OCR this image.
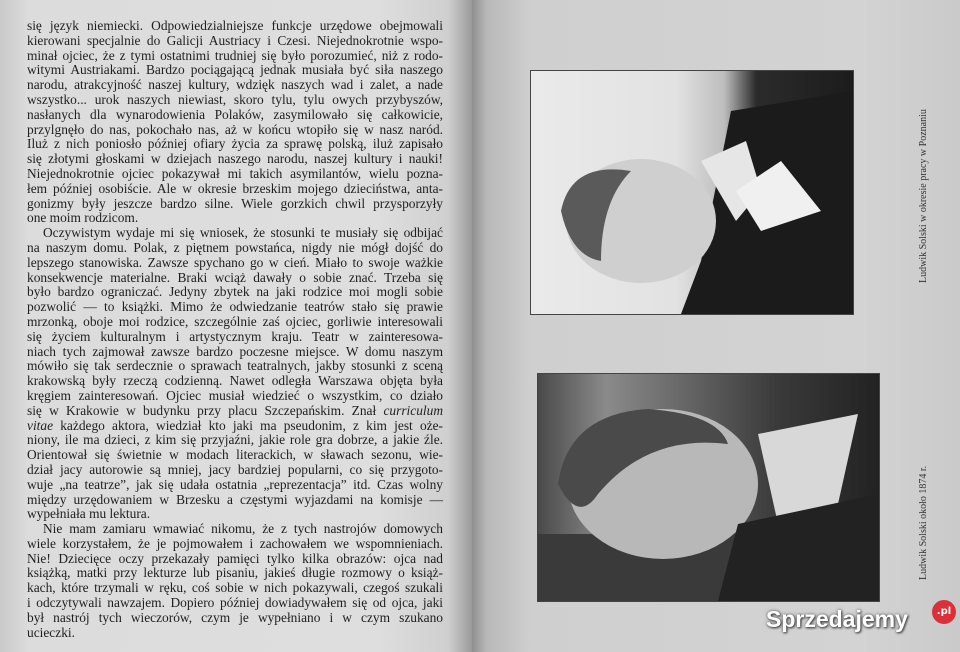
się język niemiecki. Odpowiedzialniejsze funkcje urzędowe obejmowali
kierowani specjalnie do Galicji Austriacy i Czesi. Niejednokrotnie wspo-
minał ojciec, że z tymi ostatnimi trudniej się było porozumieć, niż z rodo-
witymi Austriakami. Bardzo pociągającą jednak musiała być siła naszego
narodu, atrakcyjność naszej kultury, wdzięk naszych wad i zalet, a nade
wszystko... urok naszych niewiast, skoro tylu, tylu owych przybyszów,
nasłanych dla wynarodowienia Polaków, zasymilowało się całkowicie,
przylgnęło do nas, pokochało nas, aż w końcu wtopiło się w nasz naród.
Iluż z nich poniosło później ofiary życia za sprawę polską, iluż zapisało
się złotymi głoskami w dziejach naszego narodu, naszej kultury i nauki!
Niejednokrotnie ojciec pokazywał mi takich asymilantów, wielu pozna-
łem później osobiście. Ale w okresie brzeskim mojego dzieciństwa, anta-
gonizmy były jeszcze bardzo silne. Wiele gorzkich chwil przysporzyły
one moim rodzicom.
Oczywistym wydaje mi się wniosek, że stosunki te musiały się odbijać
na naszym domu. Polak, z piętnem powstańca, nigdy nie mógł dojść do
lepszego stanowiska. Zawsze spychano go w cień. Miało to swoje ważkie
konsekwencje materialne. Braki wciąż dawały o sobie znać. Trzeba się
było bardzo ograniczać. Jedyny zbytek na jaki rodzice moi mogli sobie
pozwolić — to książki. Mimo że odwiedzanie teatrów stało się prawie
mrzonką, oboje moi rodzice, szczególnie zaś ojciec, gorliwie interesowali
się życiem kulturalnym i artystycznym kraju. Teatr w zainteresowa-
niach tych zajmował zawsze bardzo poczesne miejsce. W domu naszym
mówiło się tak serdecznie o sprawach teatralnych, jakby stosunki z sceną
krakowską były rzeczą codzienną. Nawet odległa Warszawa objęta była
kręgiem zainteresowań. Ojciec musiał wiedzieć o wszystkim, co działo
się w Krakowie w budynku przy placu Szczepańskim. Znał curriculum
vitae każdego aktora, wiedział kto jaki ma pseudonim, z kim jest oże-
niony, ile ma dzieci, z kim się przyjaźni, jakie role gra dobrze, a jakie źle.
Orientował się świetnie w modach literackich, w sławach sezonu, wie-
dział jacy autorowie są mniej, jacy bardziej popularni, co się przygoto-
wuje „na teatrze”, jak się udała ostatnia „reprezentacja” itd. Czas wolny
między urzędowaniem w Brzesku a częstymi wyjazdami na komisje —
wypełniała mu lektura.
Nie mam zamiaru wmawiać nikomu, że z tych nastrojów domowych
wiele korzystałem, że je pojmowałem i zachowałem we wspomnieniach.
Nie! Dziecięce oczy przekazały pamięci tylko kilka obrazów: ojca nad
książką, matki przy lekturze lub pisaniu, jakieś długie rozmowy o książ-
kach, które trzymali w ręku, coś sobie w nich pokazywali, czegoś szukali
i odczytywali nawzajem. Dopiero później dowiadywałem się od ojca, jaki
był nastrój tych wieczorów, czym je wypełniano i w czym szukano
ucieczki.
Ludwik Solski w okresie pracy w Poznaniu
Ludwik Solski około 1874 r.
Sprzedajemy	.pl
